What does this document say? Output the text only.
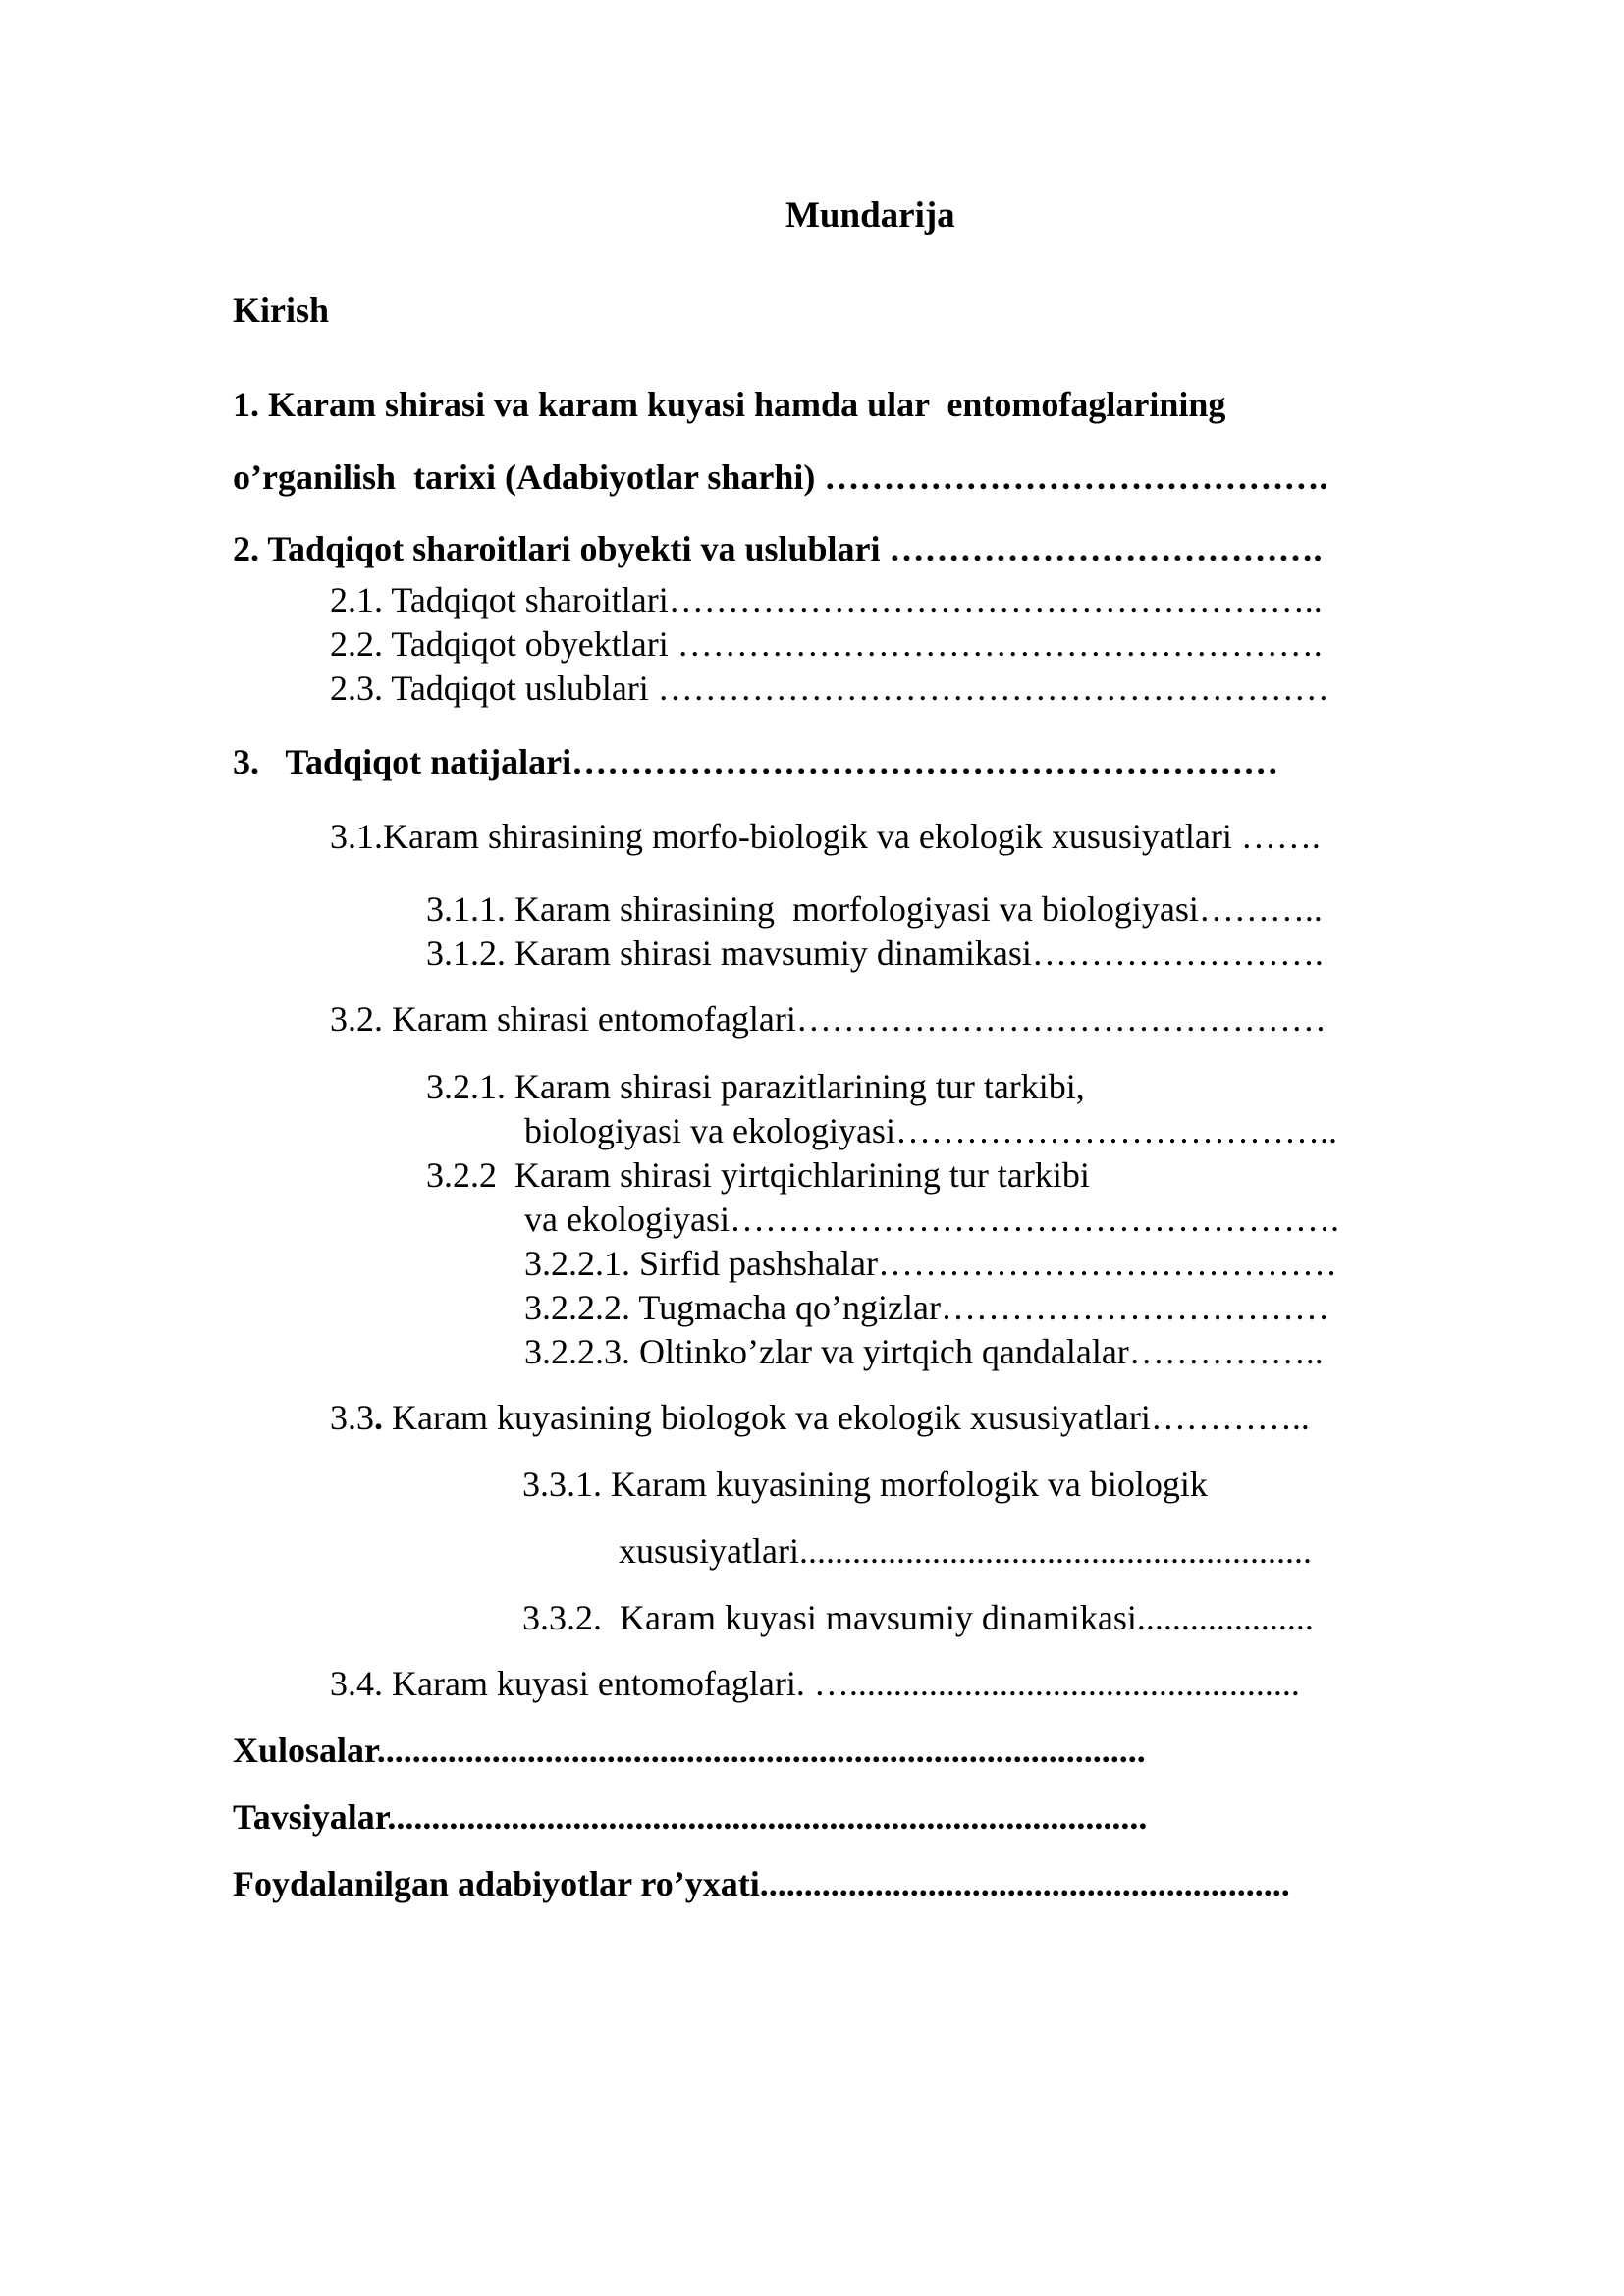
Mundarija
Kirish
1. Karam shirasi va karam kuyasi hamda ular  entomofaglarining
o’rganilish  tarixi (Adabiyotlar sharhi) …………………………………….
2. Tadqiqot sharoitlari obyekti va uslublari ……………………………….
2.1. Tadqiqot sharoitlari………………………………………………..
2.2. Tadqiqot obyektlari ……………………………………………….
2.3. Tadqiqot uslublari …………………………………………………
3.   Tadqiqot natijalari……………………………………………………
3.1.Karam shirasining morfo-biologik va ekologik xususiyatlari …….
3.1.1. Karam shirasining  morfologiyasi va biologiyasi………..
3.1.2. Karam shirasi mavsumiy dinamikasi…………………….
3.2. Karam shirasi entomofaglari………………………………………
3.2.1. Karam shirasi parazitlarining tur tarkibi,
biologiyasi va ekologiyasi………………………………..
3.2.2  Karam shirasi yirtqichlarining tur tarkibi
va ekologiyasi…………………………………………….
3.2.2.1. Sirfid pashshalar…………………………………
3.2.2.2. Tugmacha qo’ngizlar……………………………
3.2.2.3. Oltinko’zlar va yirtqich qandalalar……………..
3.3. Karam kuyasining biologok va ekologik xususiyatlari…………..
3.3.1. Karam kuyasining morfologik va biologik
xususiyatlari..........................................................
3.3.2.  Karam kuyasi mavsumiy dinamikasi....................
3.4. Karam kuyasi entomofaglari. …...................................................
Xulosalar.......................................................................................
Tavsiyalar......................................................................................
Foydalanilgan adabiyotlar ro’yxati............................................................
